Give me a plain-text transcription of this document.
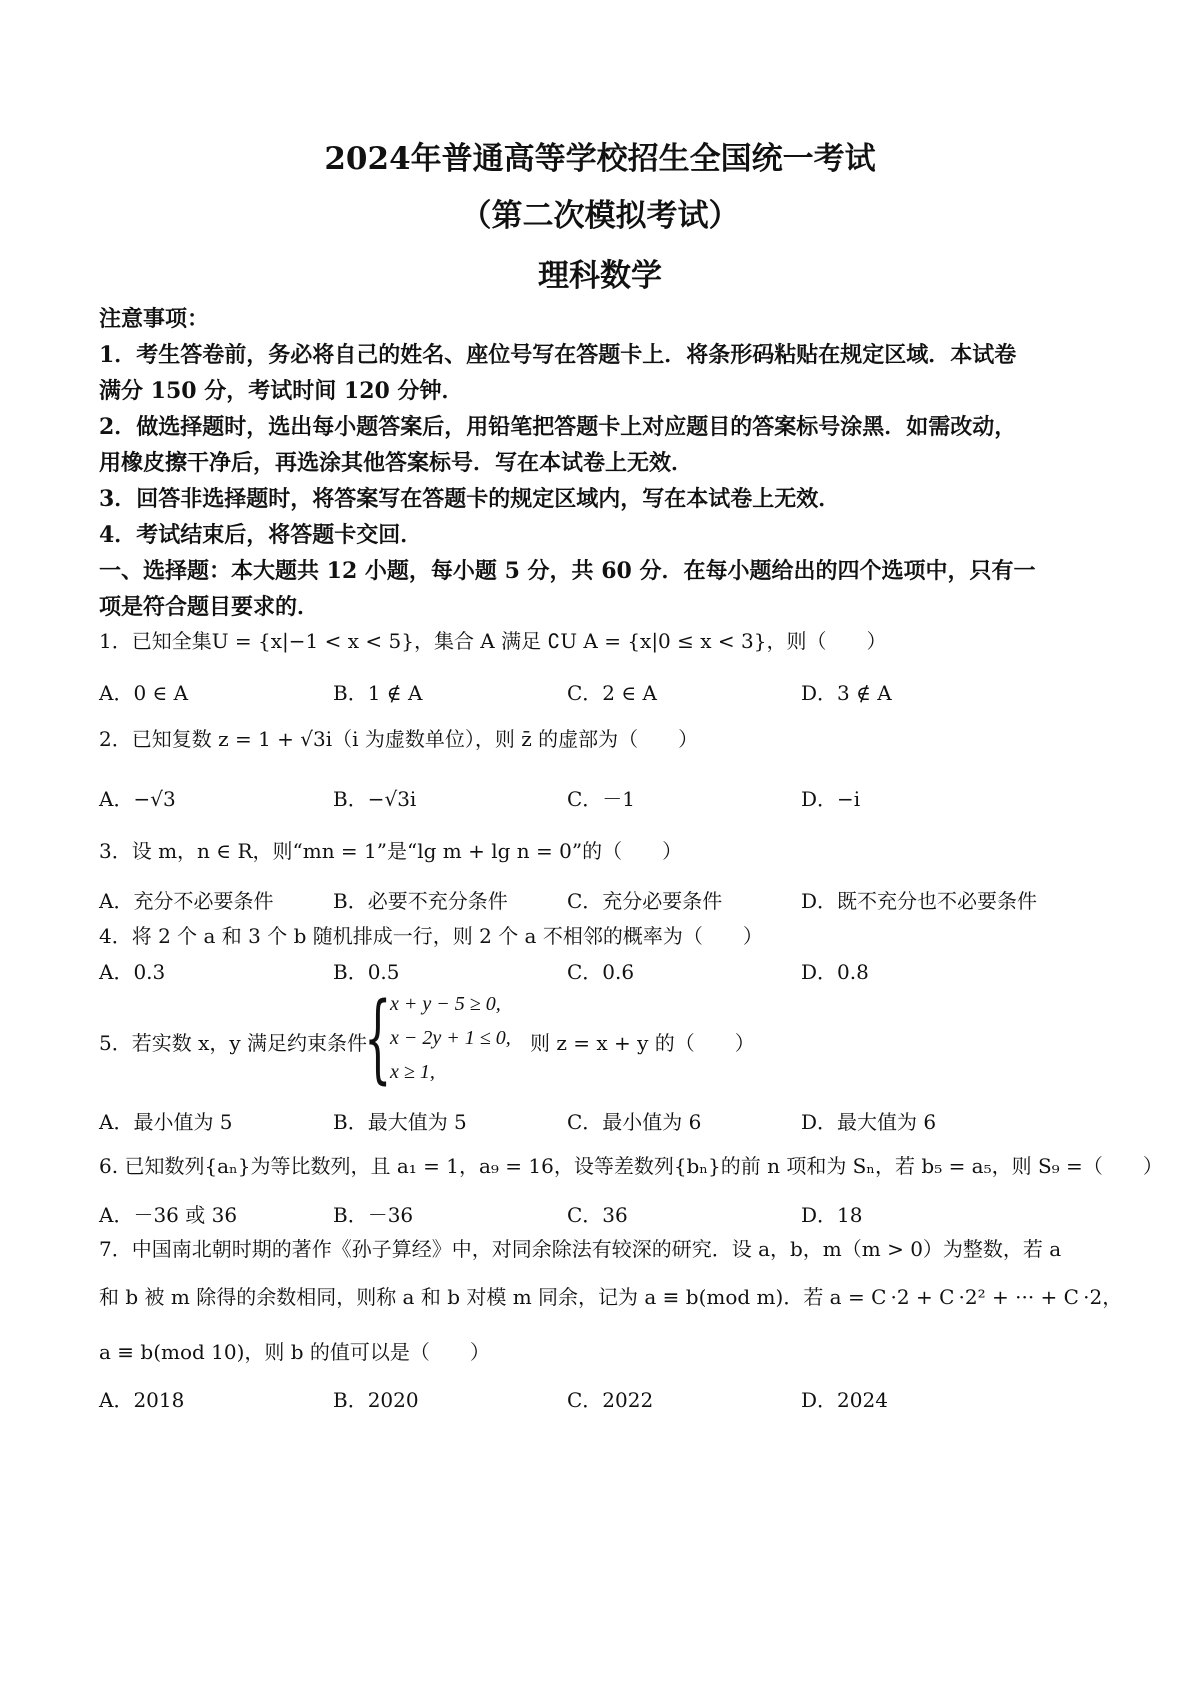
2024年普通高等学校招生全国统一考试
（第二次模拟考试）
理科数学
注意事项：
1．考生答卷前，务必将自己的姓名、座位号写在答题卡上．将条形码粘贴在规定区域．本试卷
满分 150 分，考试时间 120 分钟．
2．做选择题时，选出每小题答案后，用铅笔把答题卡上对应题目的答案标号涂黑．如需改动，
用橡皮擦干净后，再选涂其他答案标号．写在本试卷上无效．
3．回答非选择题时，将答案写在答题卡的规定区域内，写在本试卷上无效．
4．考试结束后，将答题卡交回．
一、选择题：本大题共 12 小题，每小题 5 分，共 60 分．在每小题给出的四个选项中，只有一
项是符合题目要求的．
1．已知全集U = {x|−1 < x < 5}，集合 A 满足 ∁U A = {x|0 ≤ x < 3}，则（　　）
A．0 ∈ A	B．1 ∉ A	C．2 ∈ A	D．3 ∉ A
2．已知复数 z = 1 + √3i（i 为虚数单位），则 z̄ 的虚部为（　　）
A．−√3	B．−√3i	C．－1	D．−i
3．设 m，n ∈ R，则“mn = 1”是“lg m + lg n = 0”的（　　）
A．充分不必要条件	B．必要不充分条件	C．充分必要条件	D．既不充分也不必要条件
4．将 2 个 a 和 3 个 b 随机排成一行，则 2 个 a 不相邻的概率为（　　）
A．0.3	B．0.5	C．0.6	D．0.8
5．若实数 x，y 满足约束条件
{
x + y − 5 ≥ 0,
x − 2y + 1 ≤ 0,
x ≥ 1,
则 z = x + y 的（　　）
A．最小值为 5	B．最大值为 5	C．最小值为 6	D．最大值为 6
6. 已知数列{aₙ}为等比数列，且 a₁ = 1，a₉ = 16，设等差数列{bₙ}的前 n 项和为 Sₙ，若 b₅ = a₅，则 S₉ =（　　）
A．－36 或 36	B．－36	C．36	D．18
7．中国南北朝时期的著作《孙子算经》中，对同余除法有较深的研究．设 a，b，m（m > 0）为整数，若 a
和 b 被 m 除得的余数相同，则称 a 和 b 对模 m 同余，记为 a ≡ b(mod m)．若 a = C ·2 + C ·2² + ··· + C ·2，
a ≡ b(mod 10)，则 b 的值可以是（　　）
A．2018	B．2020	C．2022	D．2024
